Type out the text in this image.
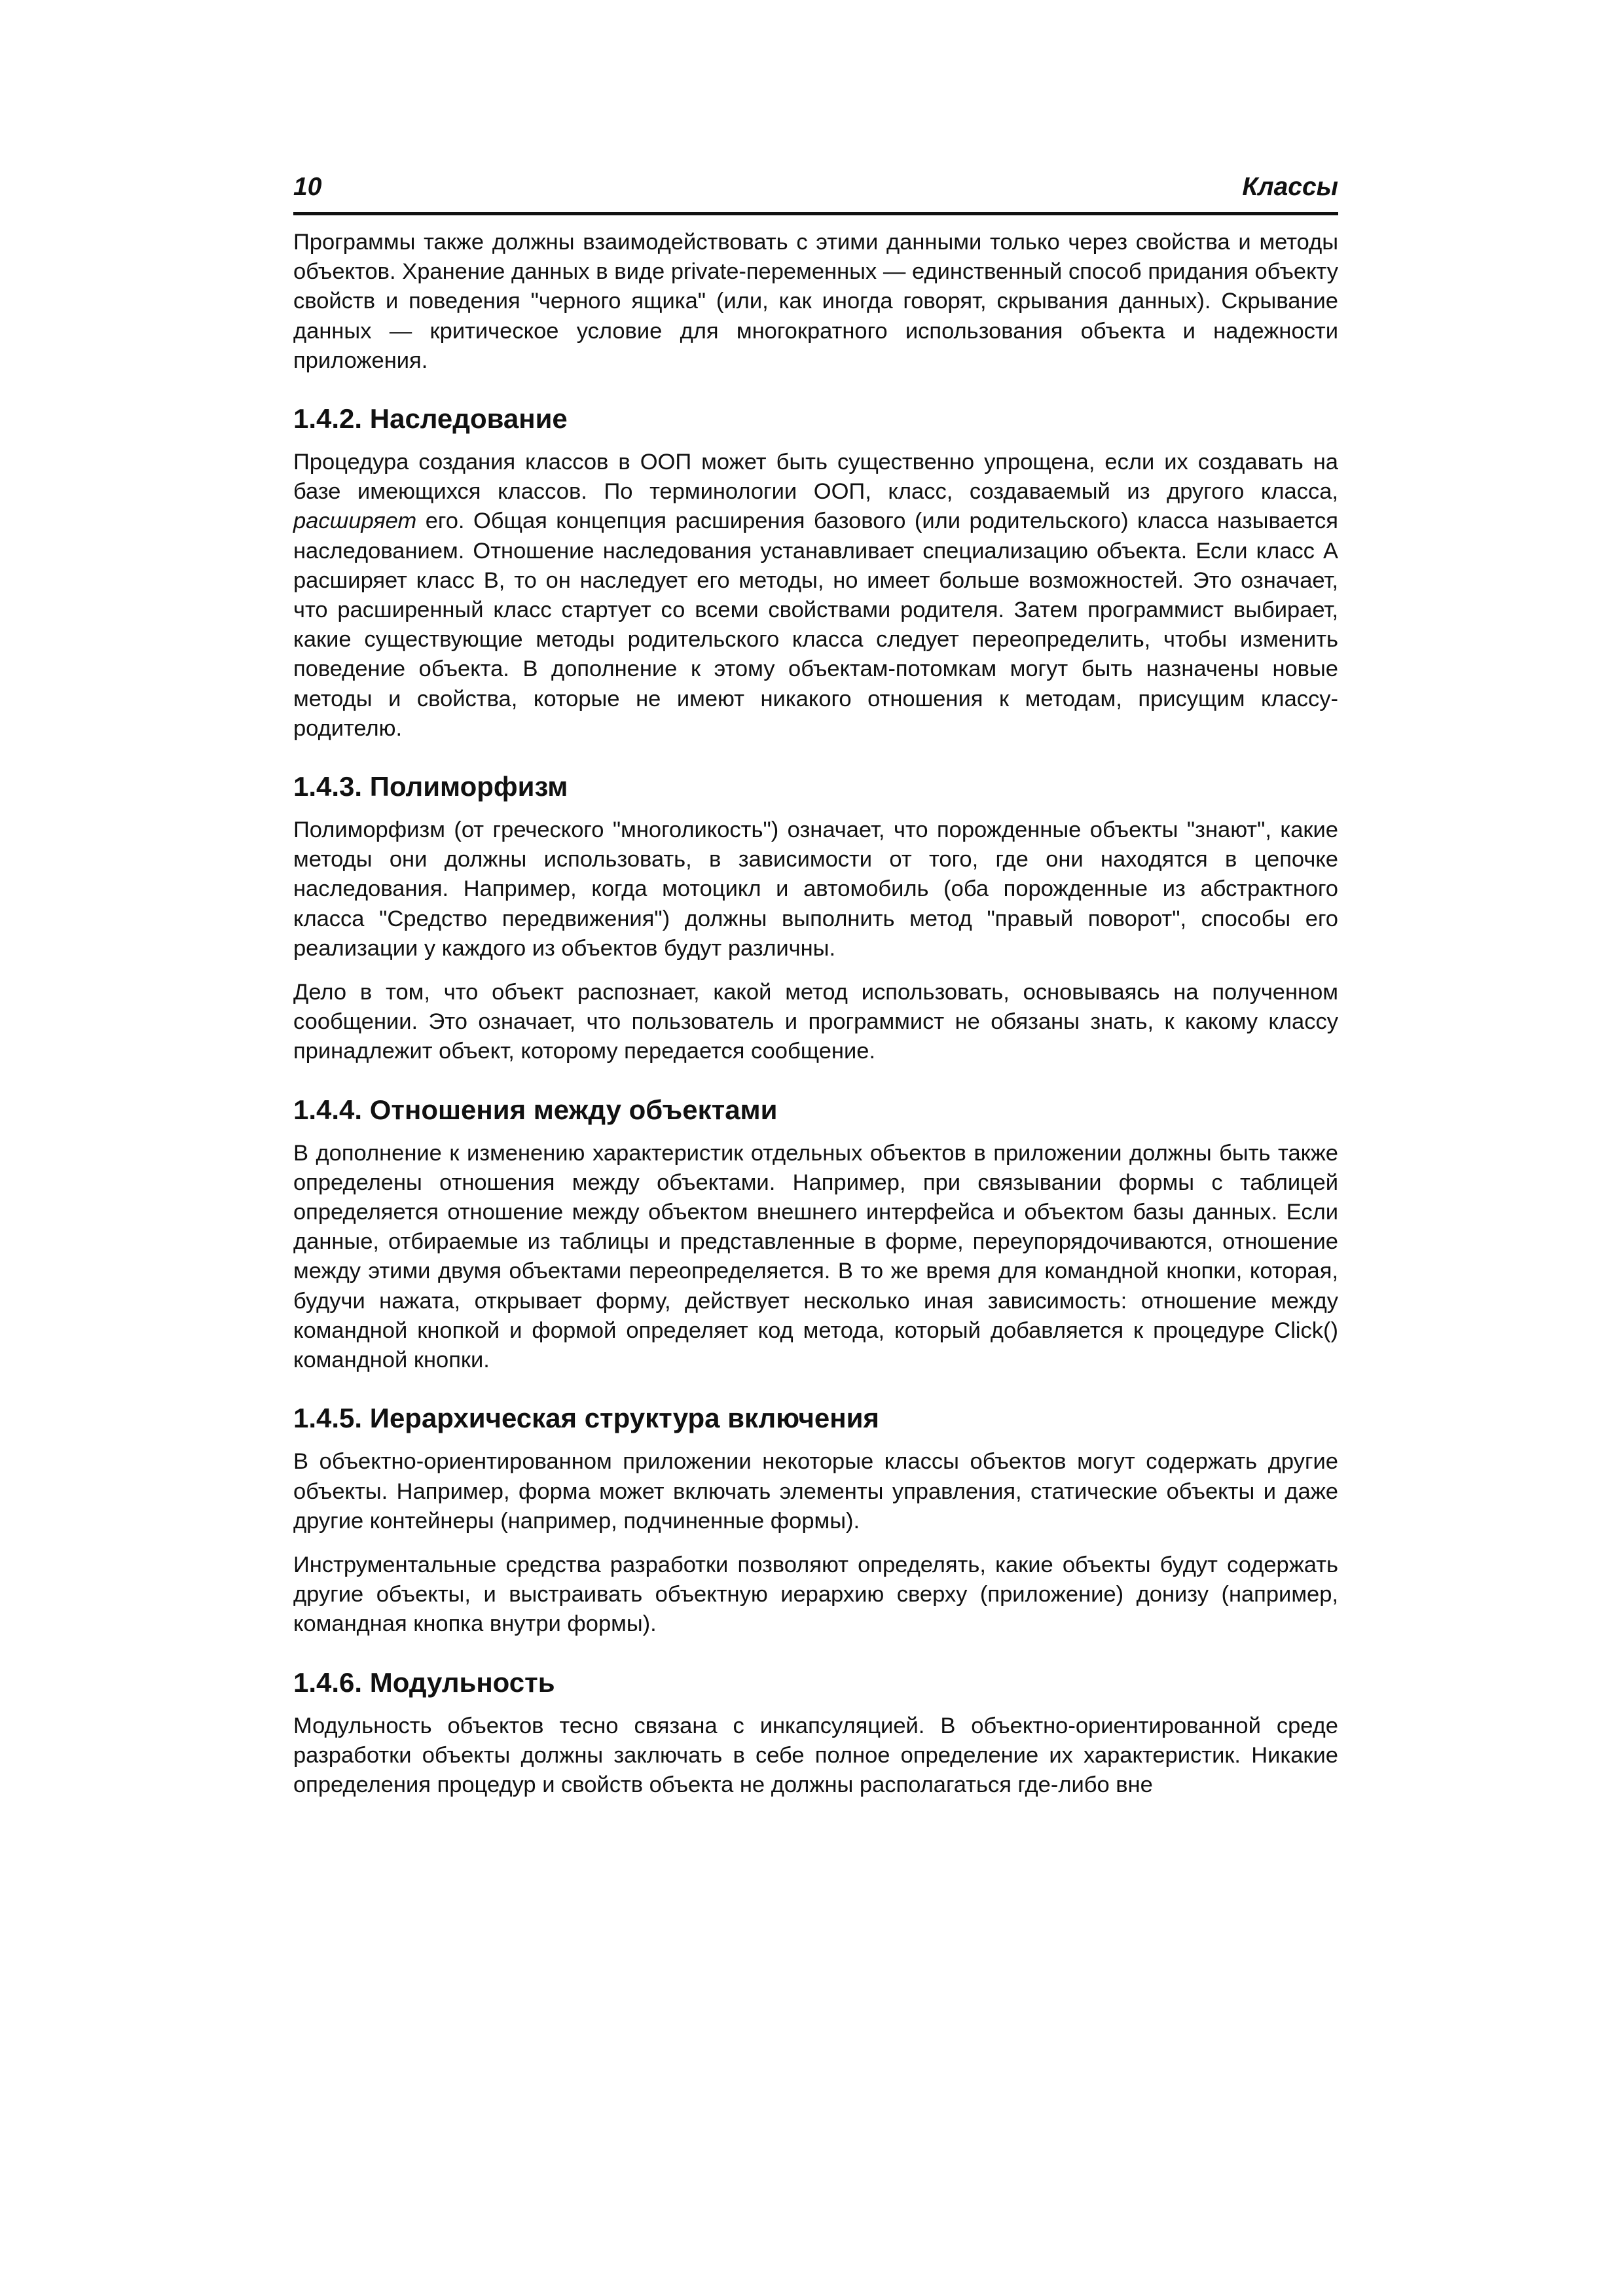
10	Классы

Программы также должны взаимодействовать с этими данными только через свойства и методы объектов. Хранение данных в виде private-переменных — единственный способ придания объекту свойств и поведения "черного ящика" (или, как иногда говорят, скрывания данных). Скрывание данных — критическое условие для многократного использования объекта и надежности приложения.

1.4.2. Наследование

Процедура создания классов в ООП может быть существенно упрощена, если их создавать на базе имеющихся классов. По терминологии ООП, класс, создаваемый из другого класса, расширяет его. Общая концепция расширения базового (или родительского) класса называется наследованием. Отношение наследования устанавливает специализацию объекта. Если класс A расширяет класс B, то он наследует его методы, но имеет больше возможностей. Это означает, что расширенный класс стартует со всеми свойствами родителя. Затем программист выбирает, какие существующие методы родительского класса следует переопределить, чтобы изменить поведение объекта. В дополнение к этому объектам-потомкам могут быть назначены новые методы и свойства, которые не имеют никакого отношения к методам, присущим классу-родителю.

1.4.3. Полиморфизм

Полиморфизм (от греческого "многоликость") означает, что порожденные объекты "знают", какие методы они должны использовать, в зависимости от того, где они находятся в цепочке наследования. Например, когда мотоцикл и автомобиль (оба порожденные из абстрактного класса "Средство передвижения") должны выполнить метод "правый поворот", способы его реализации у каждого из объектов будут различны.

Дело в том, что объект распознает, какой метод использовать, основываясь на полученном сообщении. Это означает, что пользователь и программист не обязаны знать, к какому классу принадлежит объект, которому передается сообщение.

1.4.4. Отношения между объектами

В дополнение к изменению характеристик отдельных объектов в приложении должны быть также определены отношения между объектами. Например, при связывании формы с таблицей определяется отношение между объектом внешнего интерфейса и объектом базы данных. Если данные, отбираемые из таблицы и представленные в форме, переупорядочиваются, отношение между этими двумя объектами переопределяется. В то же время для командной кнопки, которая, будучи нажата, открывает форму, действует несколько иная зависимость: отношение между командной кнопкой и формой определяет код метода, который добавляется к процедуре Click() командной кнопки.

1.4.5. Иерархическая структура включения

В объектно-ориентированном приложении некоторые классы объектов могут содержать другие объекты. Например, форма может включать элементы управления, статические объекты и даже другие контейнеры (например, подчиненные формы).

Инструментальные средства разработки позволяют определять, какие объекты будут содержать другие объекты, и выстраивать объектную иерархию сверху (приложение) донизу (например, командная кнопка внутри формы).

1.4.6. Модульность

Модульность объектов тесно связана с инкапсуляцией. В объектно-ориентированной среде разработки объекты должны заключать в себе полное определение их характеристик. Никакие определения процедур и свойств объекта не должны располагаться где-либо вне
